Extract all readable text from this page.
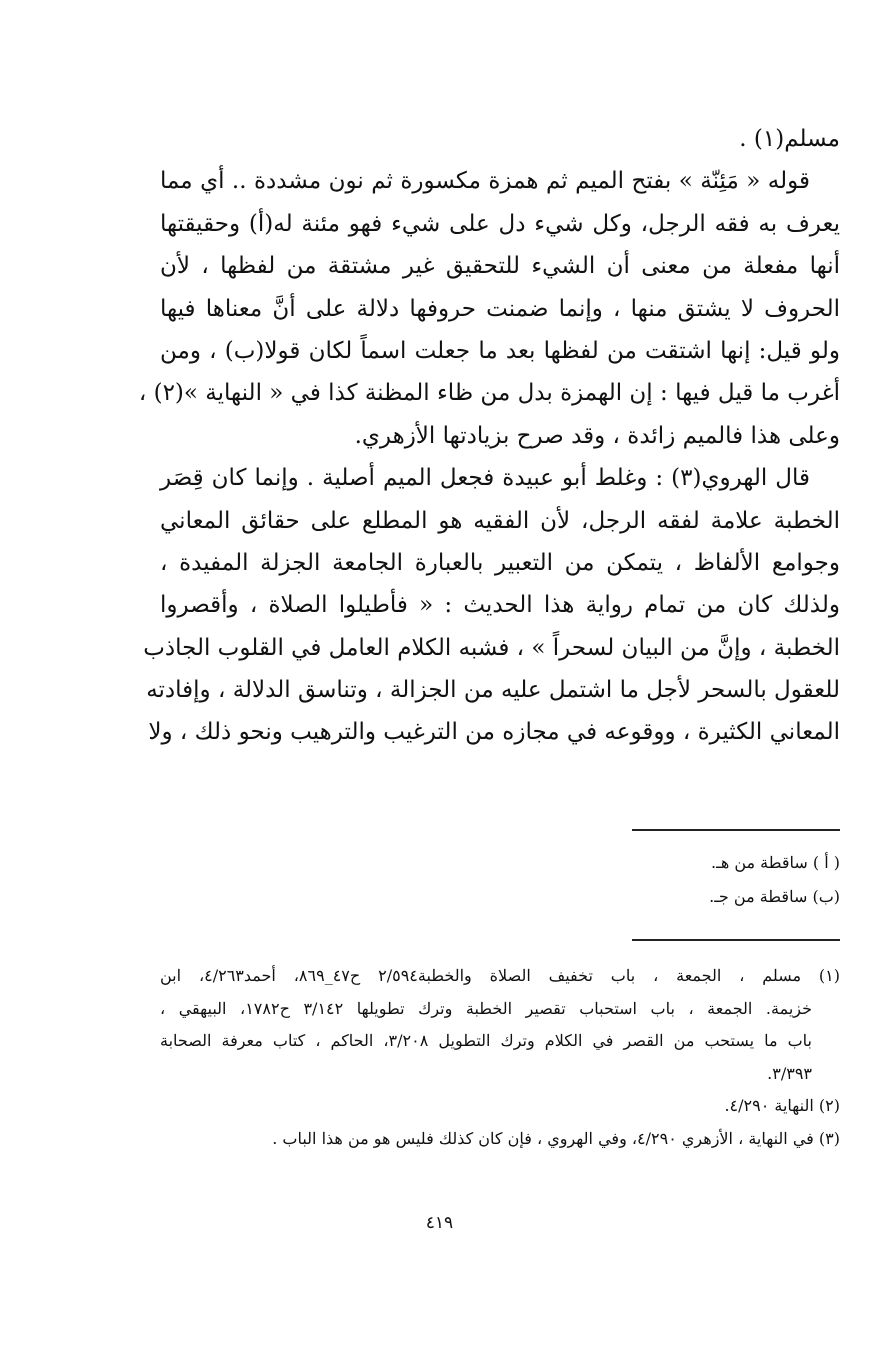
مسلم(١) .
قوله « مَئِنّة » بفتح الميم ثم همزة مكسورة ثم نون مشددة .. أي مما
يعرف به فقه الرجل، وكل شيء دل على شيء فهو مئنة له(أ) وحقيقتها
أنها مفعلة من معنى أن الشيء للتحقيق غير مشتقة من لفظها ، لأن
الحروف لا يشتق منها ، وإنما ضمنت حروفها دلالة على أنَّ معناها فيها
ولو قيل: إنها اشتقت من لفظها بعد ما جعلت اسماً لكان قولا(ب) ، ومن
أغرب ما قيل فيها : إن الهمزة بدل من ظاء المظنة كذا في « النهاية »(٢) ،
وعلى هذا فالميم زائدة ، وقد صرح بزيادتها الأزهري.
قال الهروي(٣) : وغلط أبو عبيدة فجعل الميم أصلية . وإنما كان قِصَر
الخطبة علامة لفقه الرجل، لأن الفقيه هو المطلع على حقائق المعاني
وجوامع الألفاظ ، يتمكن من التعبير بالعبارة الجامعة الجزلة المفيدة ،
ولذلك كان من تمام رواية هذا الحديث : « فأطيلوا الصلاة ، وأقصروا
الخطبة ، وإنَّ من البيان لسحراً » ، فشبه الكلام العامل في القلوب الجاذب
للعقول بالسحر لأجل ما اشتمل عليه من الجزالة ، وتناسق الدلالة ، وإفادته
المعاني الكثيرة ، ووقوعه في مجازه من الترغيب والترهيب ونحو ذلك ، ولا
( أ ) ساقطة من هـ.
(ب) ساقطة من جـ.
(١) مسلم ، الجمعة ، باب تخفيف الصلاة والخطبة٢/٥٩٤ ح٤٧_٨٦٩، أحمد٤/٢٦٣، ابن
خزيمة. الجمعة ، باب استحباب تقصير الخطبة وترك تطويلها ٣/١٤٢ ح١٧٨٢، البيهقي ،
باب ما يستحب من القصر في الكلام وترك التطويل ٣/٢٠٨، الحاكم ، كتاب معرفة الصحابة
٣/٣٩٣.
(٢) النهاية ٤/٢٩٠.
(٣) في النهاية ، الأزهري ٤/٢٩٠، وفي الهروي ، فإن كان كذلك فليس هو من هذا الباب .
٤١٩
